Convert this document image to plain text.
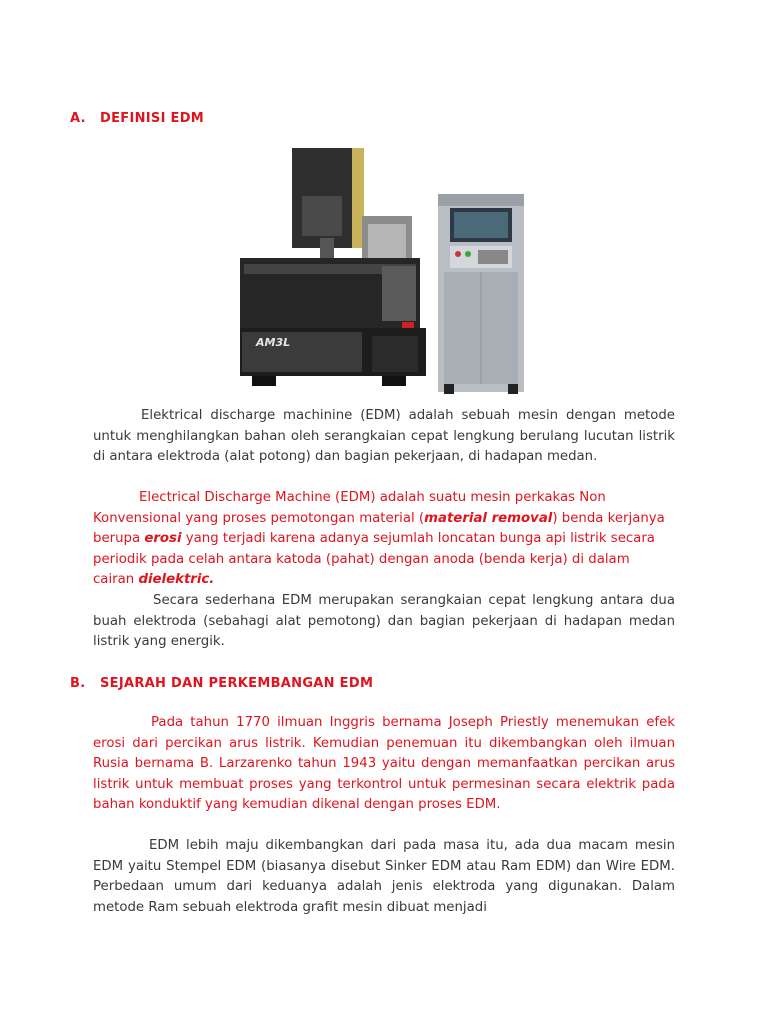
A. DEFINISI EDM
AM3L
Elektrical discharge machinine (EDM) adalah sebuah mesin dengan metode untuk menghilangkan bahan oleh serangkaian cepat lengkung berulang lucutan listrik di antara elektroda (alat potong) dan bagian pekerjaan, di hadapan medan.
Electrical Discharge Machine (EDM) adalah suatu mesin perkakas Non Konvensional yang proses pemotongan material (material removal) benda kerjanya berupa erosi yang terjadi karena adanya sejumlah loncatan bunga api listrik secara periodik pada celah antara katoda (pahat) dengan anoda (benda kerja) di dalam cairan dielektric.
Secara sederhana EDM merupakan serangkaian cepat lengkung antara dua buah elektroda (sebahagi alat pemotong) dan bagian pekerjaan di hadapan medan listrik yang energik.
B. SEJARAH DAN PERKEMBANGAN EDM
Pada tahun 1770 ilmuan Inggris bernama Joseph Priestly menemukan efek erosi dari percikan arus listrik. Kemudian penemuan itu dikembangkan oleh ilmuan Rusia bernama B. Larzarenko tahun 1943 yaitu dengan memanfaatkan percikan arus listrik untuk membuat proses yang terkontrol untuk permesinan secara elektrik pada bahan konduktif yang kemudian dikenal dengan proses EDM.
EDM lebih maju dikembangkan dari pada masa itu, ada dua macam mesin EDM yaitu Stempel EDM (biasanya disebut Sinker EDM atau Ram EDM) dan Wire EDM. Perbedaan umum dari keduanya adalah jenis elektroda yang digunakan. Dalam metode Ram sebuah elektroda grafit mesin dibuat menjadi
